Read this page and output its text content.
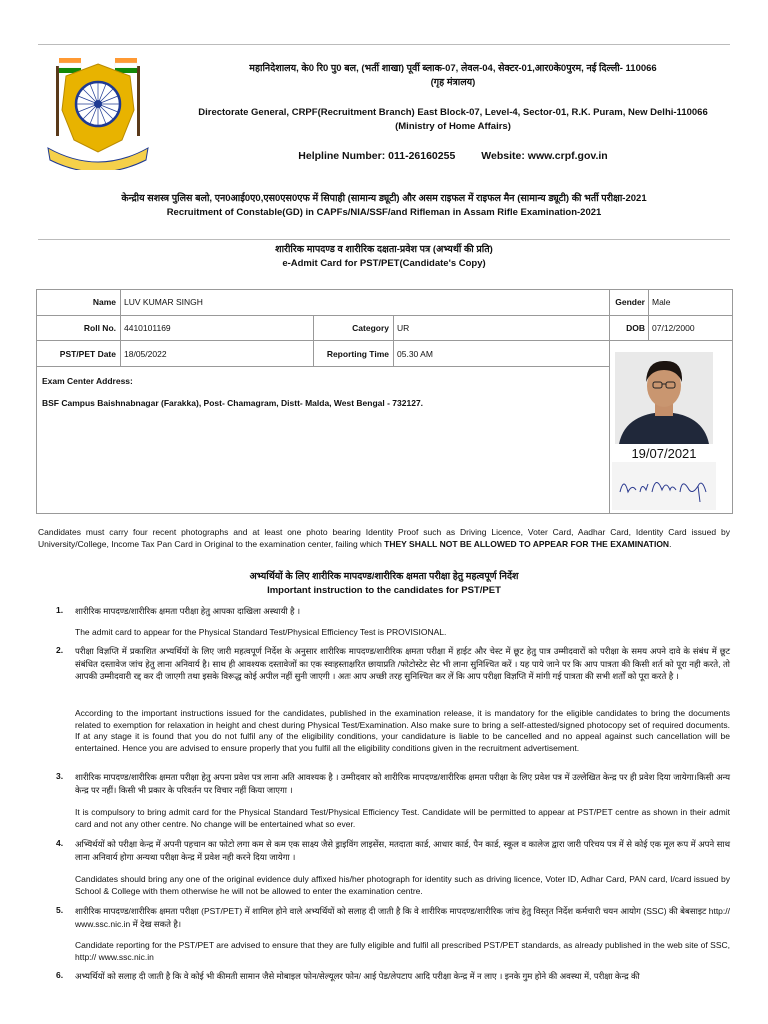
महानिदेशालय, के0 रि0 पु0 बल, (भर्ती शाखा) पूर्वी ब्लाक-07, लेवल-04, सेक्टर-01,आर0के0पुरम, नई दिल्ली- 110066
(गृह मंत्रालय)
Directorate General, CRPF(Recruitment Branch) East Block-07, Level-4, Sector-01, R.K. Puram, New Delhi-110066
(Ministry of Home Affairs)
Helpline Number: 011-26160255 Website: www.crpf.gov.in
केन्द्रीय सशस्त्र पुलिस बलो, एन0आई0ए0,एस0एस0एफ में सिपाही (सामान्य ड्यूटी) और असम राइफल में राइफल मैन (सामान्य ड्यूटी) की भर्ती परीक्षा-2021
Recruitment of Constable(GD) in CAPFs/NIA/SSF/and Rifleman in Assam Rifle Examination-2021
शारीरिक मापदण्ड व शारीरिक दक्षता-प्रवेश पत्र (अभ्यर्थी की प्रति)
e-Admit Card for PST/PET(Candidate's Copy)
Name LUV KUMAR SINGH	Gender Male
Roll No. 4410101169	Category UR	DOB 07/12/2000
PST/PET Date 18/05/2022	Reporting Time 05.30 AM
Exam Center Address:
BSF Campus Baishnabnagar (Farakka), Post- Chamagram, Distt- Malda, West Bengal - 732127.
19/07/2021
Candidates must carry four recent photographs and at least one photo bearing Identity Proof such as Driving Licence, Voter Card, Aadhar Card, Identity Card issued by University/College, Income Tax Pan Card in Original to the examination center, failing which THEY SHALL NOT BE ALLOWED TO APPEAR FOR THE EXAMINATION.
अभ्यर्थियों के लिए शारीरिक मापदण्ड/शारीरिक क्षमता परीक्षा हेतु महत्वपूर्ण निर्देश
Important instruction to the candidates for PST/PET
1.	शारीरिक मापदण्ड/शारीरिक क्षमता परीक्षा हेतु आपका दाखिला अस्थायी है ।
The admit card to appear for the Physical Standard Test/Physical Efficiency Test is PROVISIONAL.
2.	परीक्षा विज्ञप्ति में प्रकाशित अभ्यर्थियों के लिए जारी महत्वपूर्ण निर्देश के अनुसार शारीरिक मापदण्ड/शारीरिक क्षमता परीक्षा में हाईट और चेस्ट में छूट हेतु पात्र उम्मीदवारों को परीक्षा के समय अपने दावे के संबंध में छूट संबंधित दस्तावेज जांच हेतु लाना अनिवार्य है। साथ ही आवश्यक दस्तावेजों का एक स्वःहस्ताक्षरित छायाप्रति /फोटोस्टेट सेट भी लाना सुनिश्चित करें । यह पाये जाने पर कि आप पात्रता की किसी शर्त को पूरा नही करते, तो आपकी उम्मीदवारी रद्द कर दी जाएगी तथा इसके विरूद्ध कोई अपील नहीं सुनी जाएगी । अतः आप अच्छी तरह सुनिश्चित कर लें कि आप परीक्षा विज्ञप्ति में मांगी गई पात्रता की सभी शर्तों को पूरा करते है ।
According to the important instructions issued for the candidates, published in the examination release, it is mandatory for the eligible candidates to bring the documents related to exemption for relaxation in height and chest during Physical Test/Examination. Also make sure to bring a self-attested/signed photocopy set of required documents. If at any stage it is found that you do not fulfil any of the eligibility conditions, your candidature is liable to be cancelled and no appeal against such cancellation will be entertained. Hence you are advised to ensure properly that you fulfil all the eligibility conditions given in the recruitment advertisement.
3.	शारीरिक मापदण्ड/शारीरिक क्षमता परीक्षा हेतु अपना प्रवेश पत्र लाना अति आवश्यक है । उम्मीदवार को शारीरिक मापदण्ड/शारीरिक क्षमता परीक्षा के लिए प्रवेश पत्र में उल्लेखित केन्द्र पर ही प्रवेश दिया जायेगा।किसी अन्य केन्द्र पर नहीं। किसी भी प्रकार के परिवर्तन पर विचार नहीं किया जाएगा ।
It is compulsory to bring admit card for the Physical Standard Test/Physical Efficiency Test. Candidate will be permitted to appear at PST/PET centre as shown in their admit card and not any other centre. No change will be entertained what so ever.
4.	अभ्यिर्थयों को परीक्षा केन्द्र में अपनी पहचान का फोटो लगा कम से कम एक साक्ष्य जैसे ड्राइविंग लाइसेंस, मतदाता कार्ड, आधार कार्ड, पैन कार्ड, स्कूल व कालेज द्वारा जारी परिचय पत्र में से कोई एक मूल रूप में अपने साथ लाना अनिवार्य होगा अन्यथा परीक्षा केन्द्र में प्रवेश नही करने दिया जायेगा ।
Candidates should bring any one of the original evidence duly affixed his/her photograph for identity such as driving licence, Voter ID, Adhar Card, PAN card, I/card issued by School & College with them otherwise he will not be allowed to enter the examination centre.
5.	शारीरिक मापदण्ड/शारीरिक क्षमता परीक्षा (PST/PET) में शामिल होने वाले अभ्यर्थियों को सलाह दी जाती है कि वे शारीरिक मापदण्ड/शारीरिक जांच हेतु विस्तृत निर्देश कर्मचारी चयन आयोग (SSC) की बेबसाइट http:// www.ssc.nic.in में देख सकते है।
Candidate reporting for the PST/PET are advised to ensure that they are fully eligible and fulfil all prescribed PST/PET standards, as already published in the web site of SSC, http:// www.ssc.nic.in
6.	अभ्यर्थियों को सलाह दी जाती है कि वे कोई भी कीमती सामान जैसे मोबाइल फोन/सेल्यूलर फोन/ आई पेड/लेपटाप आदि परीक्षा केन्द्र में न लाए । इनके गुम होने की अवस्था में, परीक्षा केन्द्र की
